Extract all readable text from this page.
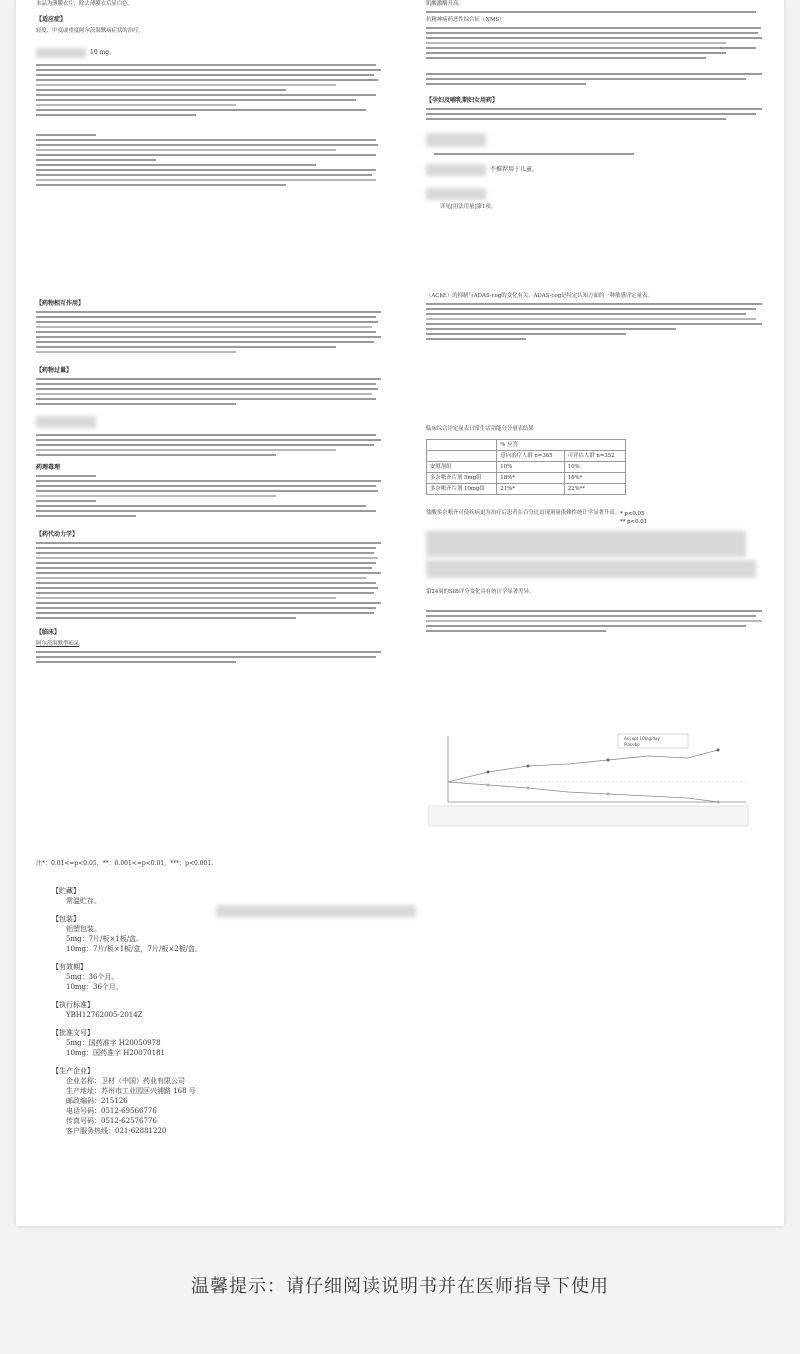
本品为薄膜衣片，除去薄膜衣后显白色。

【适应症】

轻度、中度或重度阿尔茨海默病症状的治疗。

10 mg。

肌酸激酶升高。

抗精神病药恶性综合征（NMS）

【孕妇及哺乳期妇女用药】
不推荐用于儿童。

详见[用法用量]第1项。

【药物相互作用】
【药物过量】
药理毒理
【药代动力学】
【临床】

阿尔茨海默型痴呆

注*：0.01<=p<0.05，**：0.001<=p<0.01，***：p<0.001。

（AChE）的抑制与ADAS-cog的变化有关。ADAS-cog是特定认知方面的一种敏感评定量表。

临床综合评定量表日常生活功能分分量表结果

	% 应答	
	意向治疗人群 n=365	可评估人群 n=352
安慰剂组	10%	10%
多奈哌齐片剂 5mg组	18%*	18%*
多奈哌齐片剂 10mg组	21%*	22%**

盐酸多奈哌齐可使疾病更为治疗后患者在百分比出现剂量依赖性统计学显著升高。

第24周的SIB评分变化具有统计学显著差异。

* p<0.05
** p<0.01
Aricept 10mg/day
Placebo
【贮藏】
常温贮存。
【包装】
铝塑包装。
5mg：7片/板×1板/盒。
10mg：7片/板×1板/盒，7片/板×2板/盒。
【有效期】
5mg：36个月。
10mg：36个月。
【执行标准】
YBH12762005-2014Z
【批准文号】
5mg：国药准字 H20050978
10mg：国药准字 H20070181
【生产企业】
企业名称：卫材（中国）药业有限公司
生产地址：苏州市工业园区兴浦路 168 号
邮政编码：215126
电话号码：0512-69566776
传真号码：0512-62576776
客户服务热线：021-62881220
温馨提示：请仔细阅读说明书并在医师指导下使用
